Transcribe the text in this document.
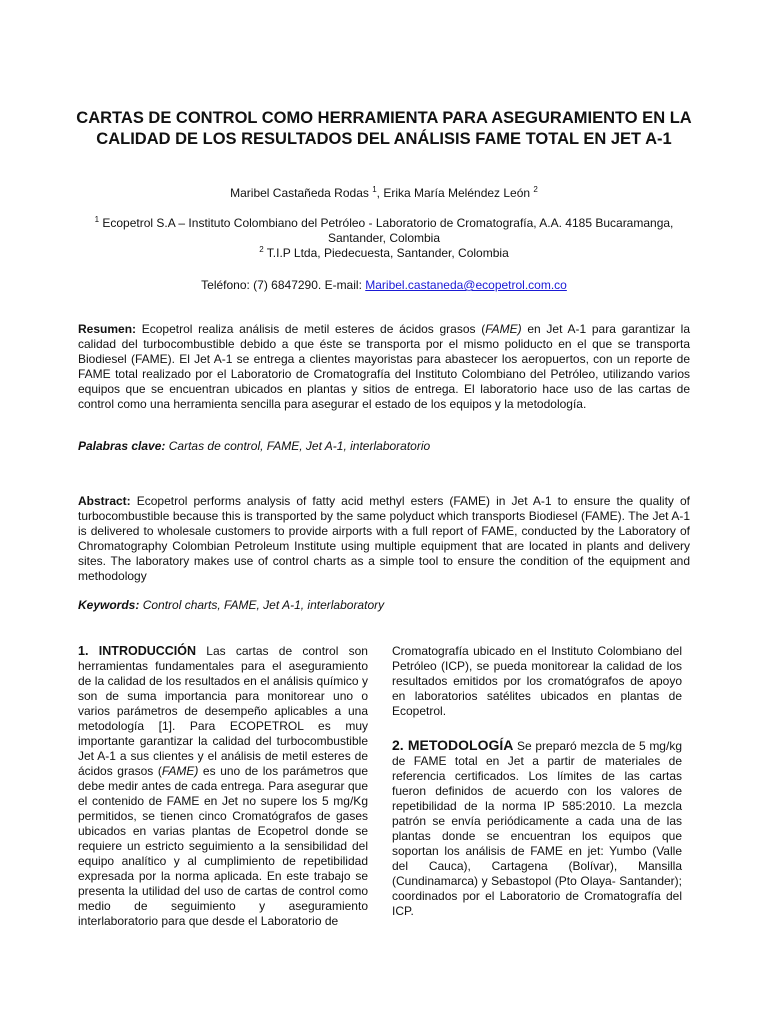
CARTAS DE CONTROL COMO HERRAMIENTA PARA ASEGURAMIENTO EN LA CALIDAD DE LOS RESULTADOS DEL ANÁLISIS FAME TOTAL EN JET A-1
Maribel Castañeda Rodas $^1$, Erika María Meléndez León $^2$
$^1$ Ecopetrol S.A – Instituto Colombiano del Petróleo - Laboratorio de Cromatografía, A.A. 4185 Bucaramanga, Santander, Colombia
$^2$ T.I.P Ltda, Piedecuesta, Santander, Colombia
Teléfono: (7) 6847290. E-mail: Maribel.castaneda@ecopetrol.com.co

Resumen: Ecopetrol realiza análisis de metil esteres de ácidos grasos (FAME) en Jet A-1 para garantizar la calidad del turbocombustible debido a que éste se transporta por el mismo poliducto en el que se transporta Biodiesel (FAME). El Jet A-1 se entrega a clientes mayoristas para abastecer los aeropuertos, con un reporte de FAME total realizado por el Laboratorio de Cromatografía del Instituto Colombiano del Petróleo, utilizando varios equipos que se encuentran ubicados en plantas y sitios de entrega. El laboratorio hace uso de las cartas de control como una herramienta sencilla para asegurar el estado de los equipos y la metodología.

Palabras clave: Cartas de control, FAME, Jet A-1, interlaboratorio

Abstract: Ecopetrol performs analysis of fatty acid methyl esters (FAME) in Jet A-1 to ensure the quality of turbocombustible because this is transported by the same polyduct which transports Biodiesel (FAME). The Jet A-1 is delivered to wholesale customers to provide airports with a full report of FAME, conducted by the Laboratory of Chromatography Colombian Petroleum Institute using multiple equipment that are located in plants and delivery sites. The laboratory makes use of control charts as a simple tool to ensure the condition of the equipment and methodology

Keywords: Control charts, FAME, Jet A-1, interlaboratory

1. INTRODUCCIÓN Las cartas de control son herramientas fundamentales para el aseguramiento de la calidad de los resultados en el análisis químico y son de suma importancia para monitorear uno o varios parámetros de desempeño aplicables a una metodología [1]. Para ECOPETROL es muy importante garantizar la calidad del turbocombustible Jet A-1 a sus clientes y el análisis de metil esteres de ácidos grasos (FAME) es uno de los parámetros que debe medir antes de cada entrega. Para asegurar que el contenido de FAME en Jet no supere los 5 mg/Kg permitidos, se tienen cinco Cromatógrafos de gases ubicados en varias plantas de Ecopetrol donde se requiere un estricto seguimiento a la sensibilidad del equipo analítico y al cumplimiento de repetibilidad expresada por la norma aplicada. En este trabajo se presenta la utilidad del uso de cartas de control como medio de seguimiento y aseguramiento interlaboratorio para que desde el Laboratorio de

Cromatografía ubicado en el Instituto Colombiano del Petróleo (ICP), se pueda monitorear la calidad de los resultados emitidos por los cromatógrafos de apoyo en laboratorios satélites ubicados en plantas de Ecopetrol.

2. METODOLOGÍA Se preparó mezcla de 5 mg/kg de FAME total en Jet a partir de materiales de referencia certificados. Los límites de las cartas fueron definidos de acuerdo con los valores de repetibilidad de la norma IP 585:2010. La mezcla patrón se envía periódicamente a cada una de las plantas donde se encuentran los equipos que soportan los análisis de FAME en jet: Yumbo (Valle del Cauca), Cartagena (Bolívar), Mansilla (Cundinamarca) y Sebastopol (Pto Olaya- Santander); coordinados por el Laboratorio de Cromatografía del ICP.
